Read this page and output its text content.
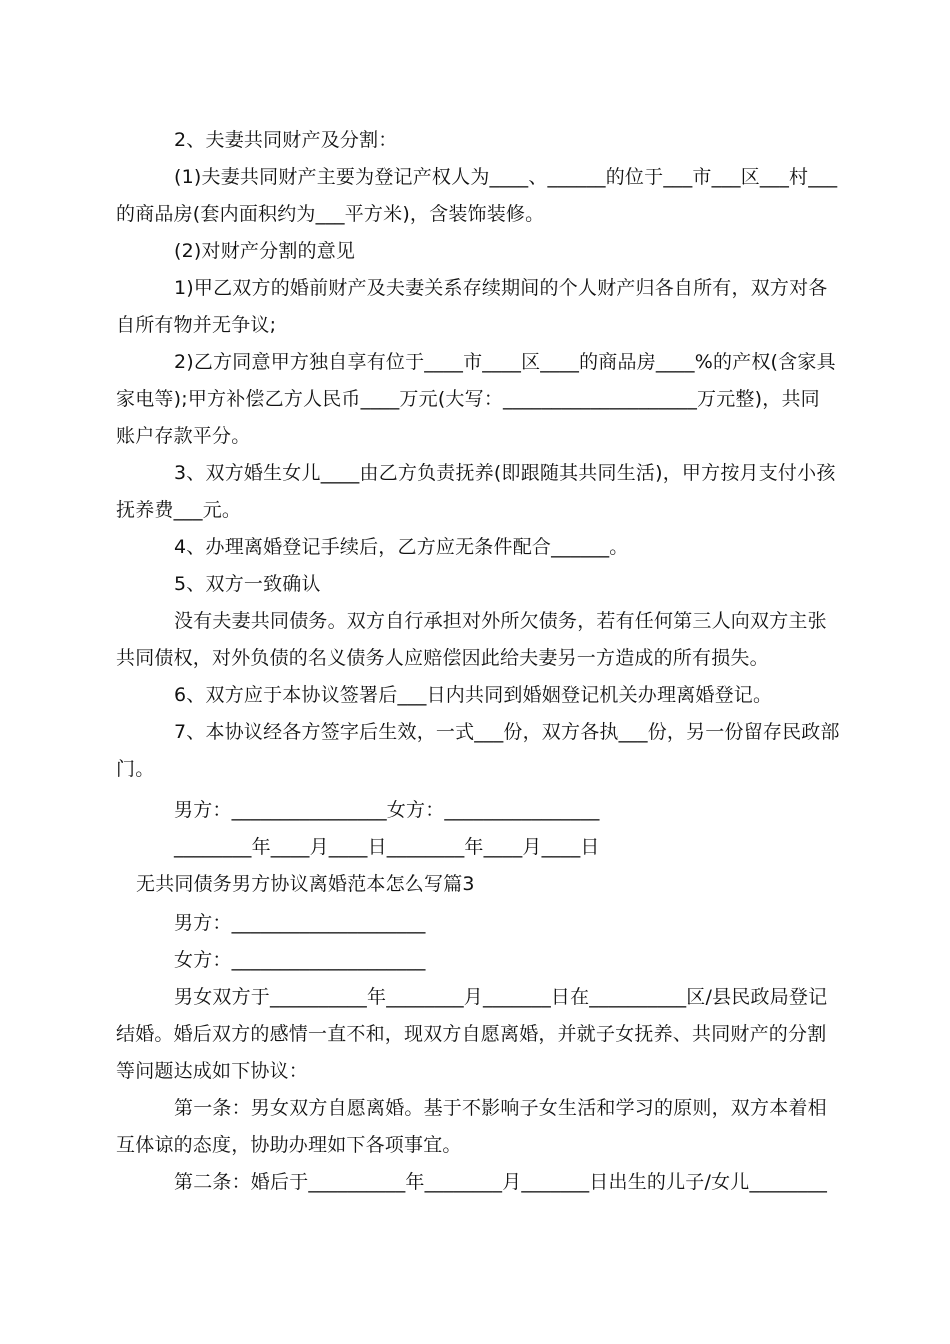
2、夫妻共同财产及分割：
(1)夫妻共同财产主要为登记产权人为____、______的位于___市___区___村___
的商品房(套内面积约为___平方米)，含装饰装修。
(2)对财产分割的意见
1)甲乙双方的婚前财产及夫妻关系存续期间的个人财产归各自所有，双方对各
自所有物并无争议;
2)乙方同意甲方独自享有位于____市____区____的商品房____%的产权(含家具
家电等);甲方补偿乙方人民币____万元(大写：____________________万元整)，共同
账户存款平分。
3、双方婚生女儿____由乙方负责抚养(即跟随其共同生活)，甲方按月支付小孩
抚养费___元。
4、办理离婚登记手续后，乙方应无条件配合______。
5、双方一致确认
没有夫妻共同债务。双方自行承担对外所欠债务，若有任何第三人向双方主张
共同债权，对外负债的名义债务人应赔偿因此给夫妻另一方造成的所有损失。
6、双方应于本协议签署后___日内共同到婚姻登记机关办理离婚登记。
7、本协议经各方签字后生效，一式___份，双方各执___份，另一份留存民政部
门。
男方：________________女方：________________
________年____月____日________年____月____日
无共同债务男方协议离婚范本怎么写篇3
男方：____________________
女方：____________________
男女双方于__________年________月_______日在__________区/县民政局登记
结婚。婚后双方的感情一直不和，现双方自愿离婚，并就子女抚养、共同财产的分割
等问题达成如下协议：
第一条：男女双方自愿离婚。基于不影响子女生活和学习的原则，双方本着相
互体谅的态度，协助办理如下各项事宜。
第二条：婚后于__________年________月_______日出生的儿子/女儿________
